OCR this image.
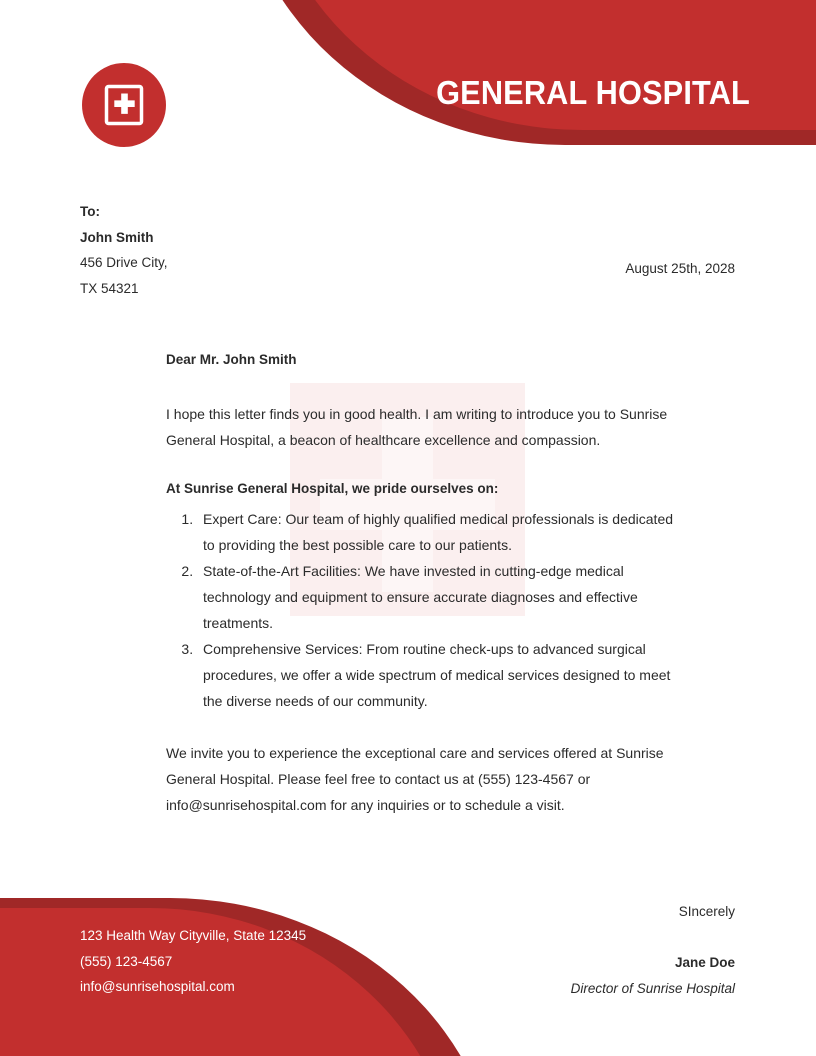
GENERAL HOSPITAL
To:
John Smith
456 Drive City,
TX 54321
August 25th, 2028

Dear Mr. John Smith

I hope this letter finds you in good health. I am writing to introduce you to Sunrise General Hospital, a beacon of healthcare excellence and compassion.

At Sunrise General Hospital, we pride ourselves on:

1. Expert Care: Our team of highly qualified medical professionals is dedicated to providing the best possible care to our patients.
2. State-of-the-Art Facilities: We have invested in cutting-edge medical technology and equipment to ensure accurate diagnoses and effective treatments.
3. Comprehensive Services: From routine check-ups to advanced surgical procedures, we offer a wide spectrum of medical services designed to meet the diverse needs of our community.

We invite you to experience the exceptional care and services offered at Sunrise General Hospital. Please feel free to contact us at (555) 123-4567 or info@sunrisehospital.com for any inquiries or to schedule a visit.

SIncerely
Jane Doe
Director of Sunrise Hospital
123 Health Way Cityville, State 12345
(555) 123-4567
info@sunrisehospital.com
